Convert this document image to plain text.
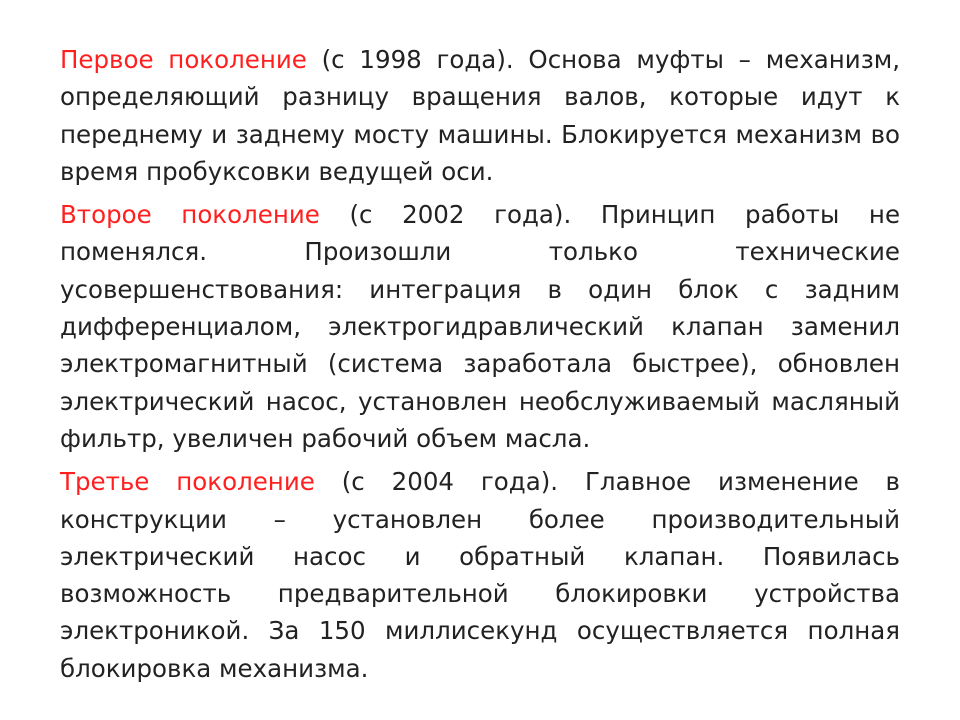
Первое поколение (с 1998 года). Основа муфты – механизм, определяющий разницу вращения валов, которые идут к переднему и заднему мосту машины. Блокируется механизм во время пробуксовки ведущей оси.

Второе поколение (с 2002 года). Принцип работы не поменялся. Произошли только технические усовершенствования: интеграция в один блок с задним дифференциалом, электрогидравлический клапан заменил электромагнитный (система заработала быстрее), обновлен электрический насос, установлен необслуживаемый масляный фильтр, увеличен рабочий объем масла.

Третье поколение (с 2004 года). Главное изменение в конструкции – установлен более производительный электрический насос и обратный клапан. Появилась возможность предварительной блокировки устройства электроникой. За 150 миллисекунд осуществляется полная блокировка механизма.
